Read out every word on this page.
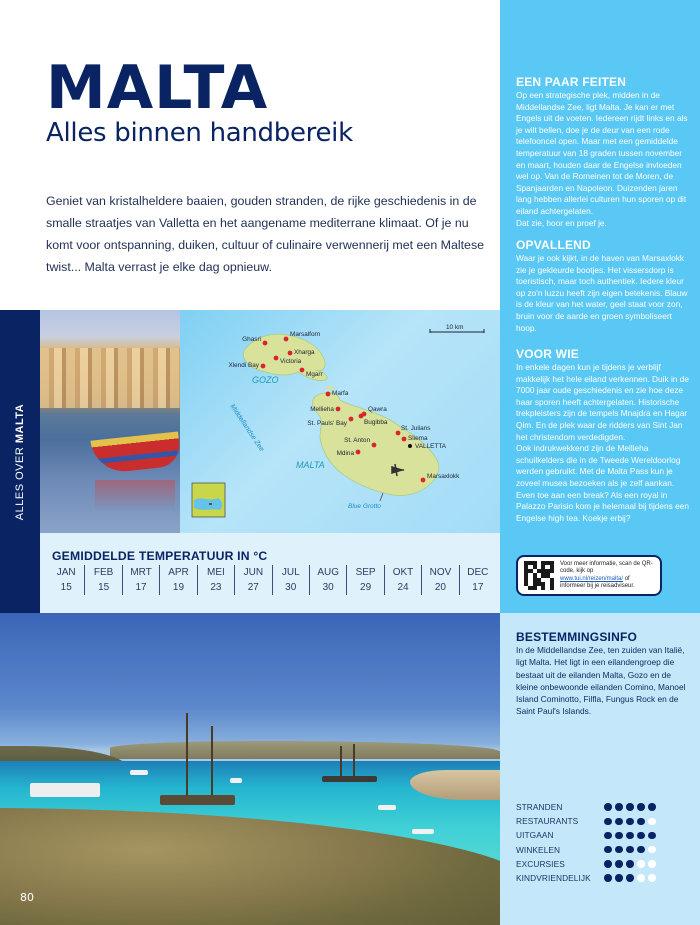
MALTA
Alles binnen handbereik

Geniet van kristalheldere baaien, gouden stranden, de rijke geschiedenis in de smalle straatjes van Valletta en het aangename mediterrane klimaat. Of je nu komt voor ontspanning, duiken, cultuur of culinaire verwennerij met een Maltese twist... Malta verrast je elke dag opnieuw.

EEN PAAR FEITEN

Op een strategische plek, midden in de Middellandse Zee, ligt Malta. Je kan er met Engels uit de voeten. Iedereen rijdt links en als je wilt bellen, doe je de deur van een rode telefooncel open. Maar met een gemiddelde temperatuur van 18 graden tussen november en maart, houden daar de Engelse invloeden wel op. Van de Romeinen tot de Moren, de Spanjaarden en Napoleon. Duizenden jaren lang hebben allerlei culturen hun sporen op dit eiland achtergelaten.
Dat zie, hoor en proef je.

OPVALLEND

Waar je ook kijkt, in de haven van Marsaxlokk zie je gekleurde bootjes. Het vissersdorp is toeristisch, maar toch authentiek. Iedere kleur op zo'n luzzu heeft zijn eigen betekenis. Blauw is de kleur van het water, geel staat voor zon, bruin voor de aarde en groen symboliseert hoop.

VOOR WIE

In enkele dagen kun je tijdens je verblijf makkelijk het hele eiland verkennen. Duik in de 7000 jaar oude geschiedenis en zie hoe deze haar sporen heeft achtergelaten. Historische trekpleisters zijn de tempels Mnajdra en Hagar Qim. En de plek waar de ridders van Sint Jan het christendom verdedigden.
Ook indrukwekkend zijn de Mellieha schuilkelders die in de Tweede Wereldoorlog werden gebruikt. Met de Malta Pass kun je zoveel musea bezoeken als je zelf aankan. Even toe aan een break? Als een royal in Palazzo Parisio kom je helemaal bij tijdens een Engelse high tea. Koekje erbij?

Voor meer informatie, scan de QR-code, kijk op www.tui.nl/reizen/malta/ of informeer bij je reisadviseur.
BESTEMMINGSINFO

In de Middellandse Zee, ten zuiden van Italië, ligt Malta. Het ligt in een eilandengroep die bestaat uit de eilanden Malta, Gozo en de kleine onbewoonde eilanden Comino, Manoel Island Cominotto, Filfla, Fungus Rock en de Saint Paul's Islands.

STRANDEN
RESTAURANTS
UITGAAN
WINKELEN
EXCURSIES
KINDVRIENDELIJK
ALLES OVER MALTA
10 km
GOZO
MALTA
Middellandse Zee
Blue Grotto
Ghasri
Marsalforn
Xlendi Bay
Xharga
Victoria
Mgarr
Marfa
Mellieha	Qawra
St. Pauls' Bay	Bugibba
St. Julians
Sliema
St. Anton
Mdina
Marsaxlokk
VALLETTA
GEMIDDELDE TEMPERATUUR IN °C
JAN
15
FEB
15
MRT
17
APR
19
MEI
23
JUN
27
JUL
30
AUG
30
SEP
29
OKT
24
NOV
20
DEC
17
80
